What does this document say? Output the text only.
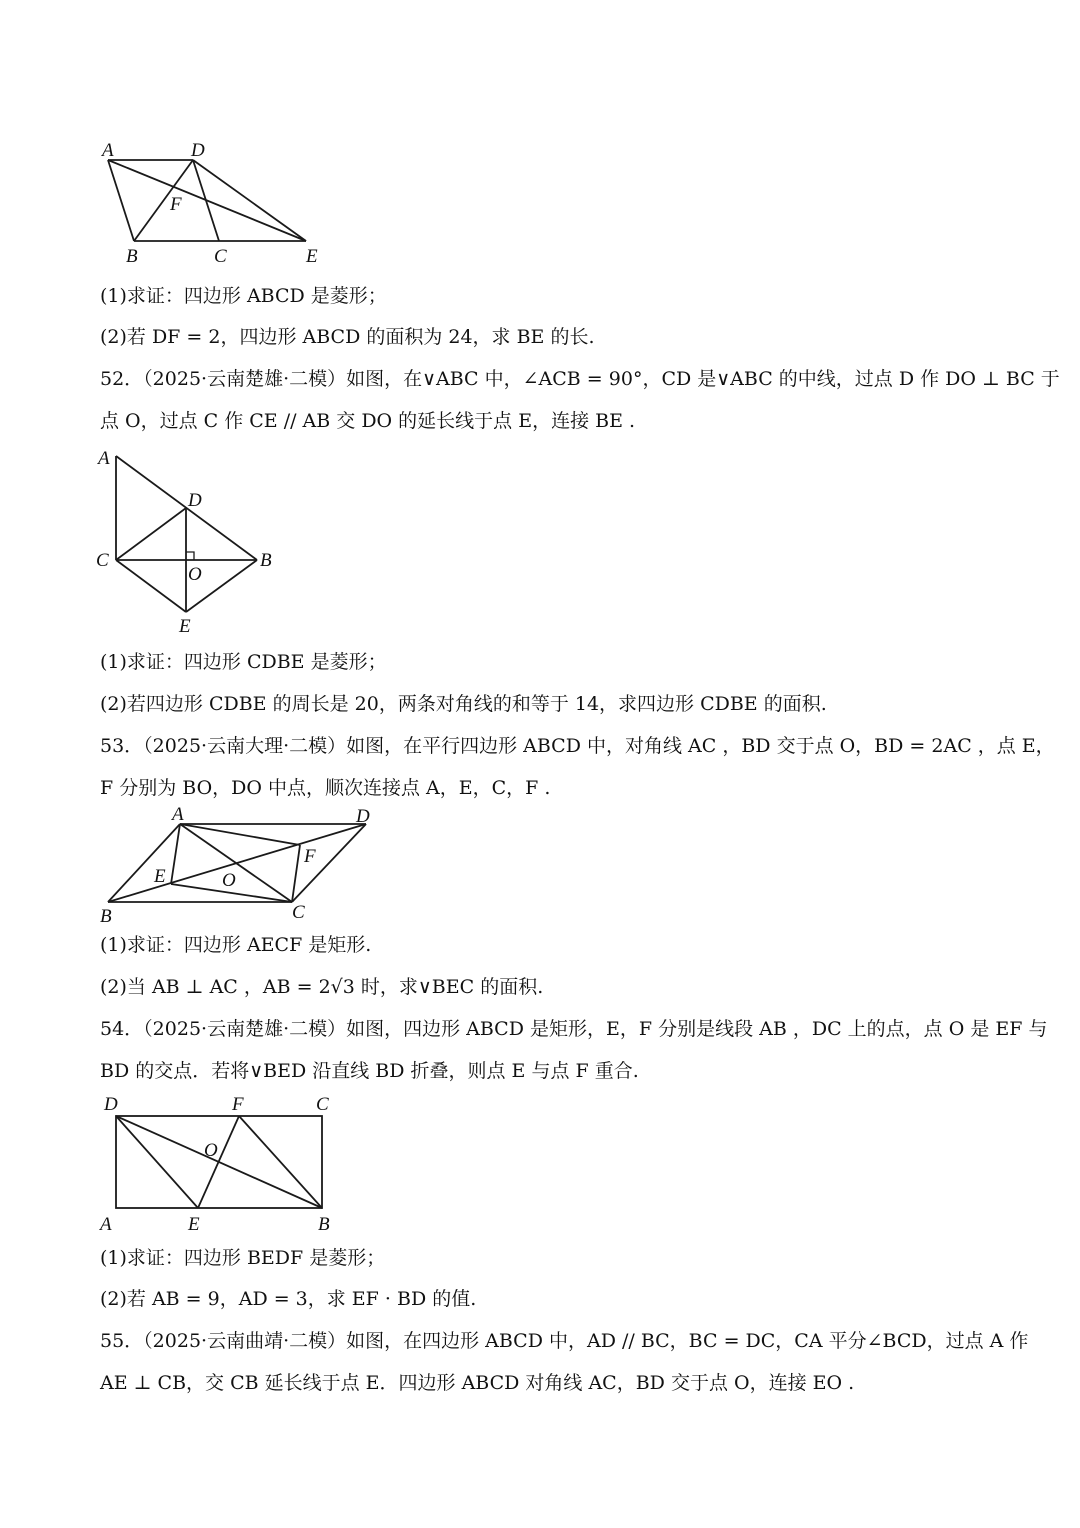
A	D
F
B	C	E
(1)求证：四边形 ABCD 是菱形；
(2)若 DF = 2，四边形 ABCD 的面积为 24，求 BE 的长.
52．（2025·云南楚雄·二模）如图，在∨ABC 中，∠ACB = 90°，CD 是∨ABC 的中线，过点 D 作 DO ⊥ BC 于
点 O，过点 C 作 CE // AB 交 DO 的延长线于点 E，连接 BE .
A
D
C
O
B
E
(1)求证：四边形 CDBE 是菱形；
(2)若四边形 CDBE 的周长是 20，两条对角线的和等于 14，求四边形 CDBE 的面积.
53．（2025·云南大理·二模）如图，在平行四边形 ABCD 中，对角线 AC ，BD 交于点 O，BD = 2AC ，点 E，
F 分别为 BO，DO 中点，顺次连接点 A，E，C，F .
A	D
F
E	O
B	C
(1)求证：四边形 AECF 是矩形.
(2)当 AB ⊥ AC ，AB = 2√3 时，求∨BEC 的面积.
54．（2025·云南楚雄·二模）如图，四边形 ABCD 是矩形，E，F 分别是线段 AB ，DC 上的点，点 O 是 EF 与
BD 的交点．若将∨BED 沿直线 BD 折叠，则点 E 与点 F 重合.
D	F	C
O
A	E	B
(1)求证：四边形 BEDF 是菱形；
(2)若 AB = 9，AD = 3，求 EF · BD 的值.
55．（2025·云南曲靖·二模）如图，在四边形 ABCD 中，AD // BC，BC = DC，CA 平分∠BCD，过点 A 作
AE ⊥ CB，交 CB 延长线于点 E．四边形 ABCD 对角线 AC，BD 交于点 O，连接 EO .
